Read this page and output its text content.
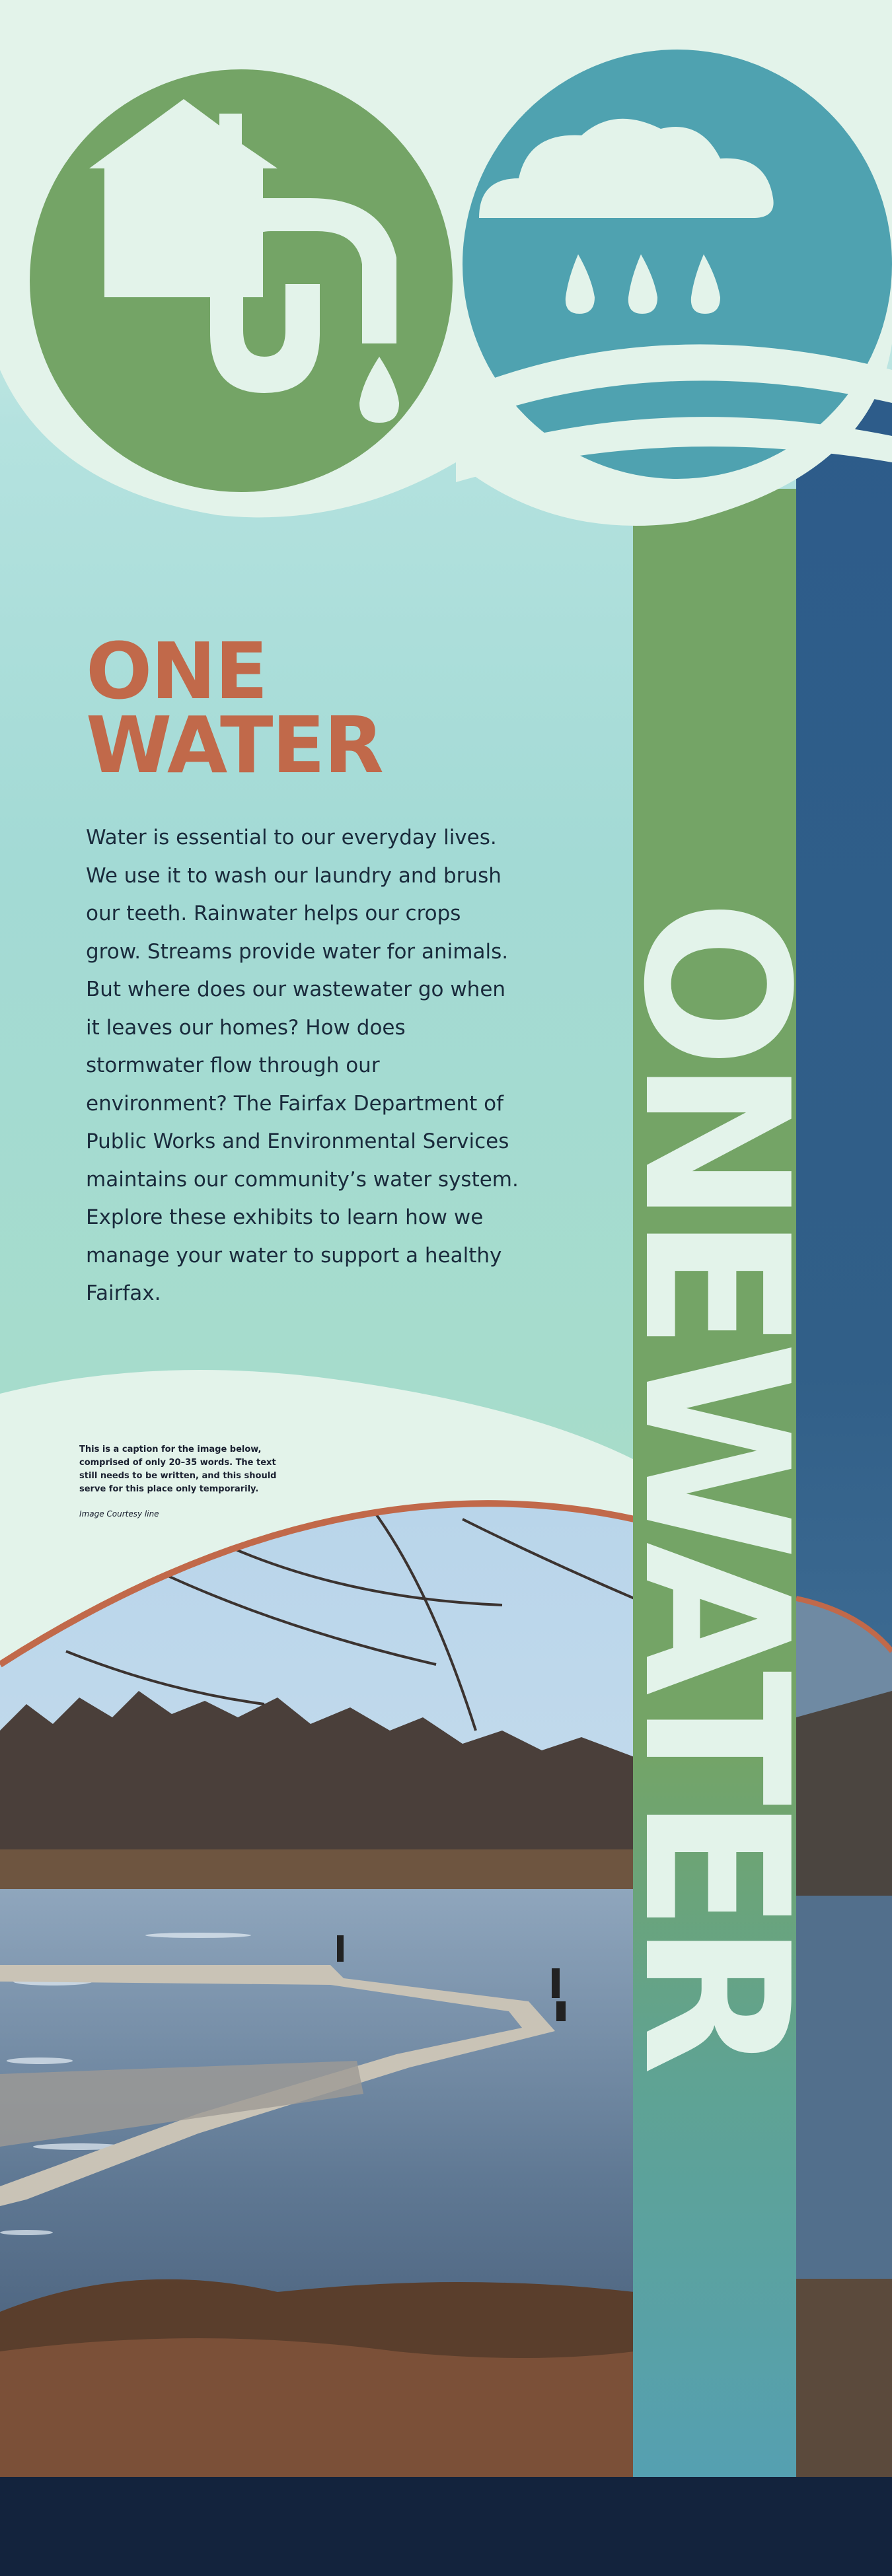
ONEWATER
ONE
WATER

Water is essential to our everyday lives. We use it to wash our laundry and brush our teeth. Rainwater helps our crops grow. Streams provide water for animals. But where does our wastewater go when it leaves our homes? How does stormwater flow through our environment? The Fairfax Department of Public Works and Environmental Services maintains our community’s water system. Explore these exhibits to learn how we manage your water to support a healthy Fairfax.

This is a caption for the image below, comprised of only 20–35 words. The text still needs to be written, and this should serve for this place only temporarily.

Image Courtesy line
